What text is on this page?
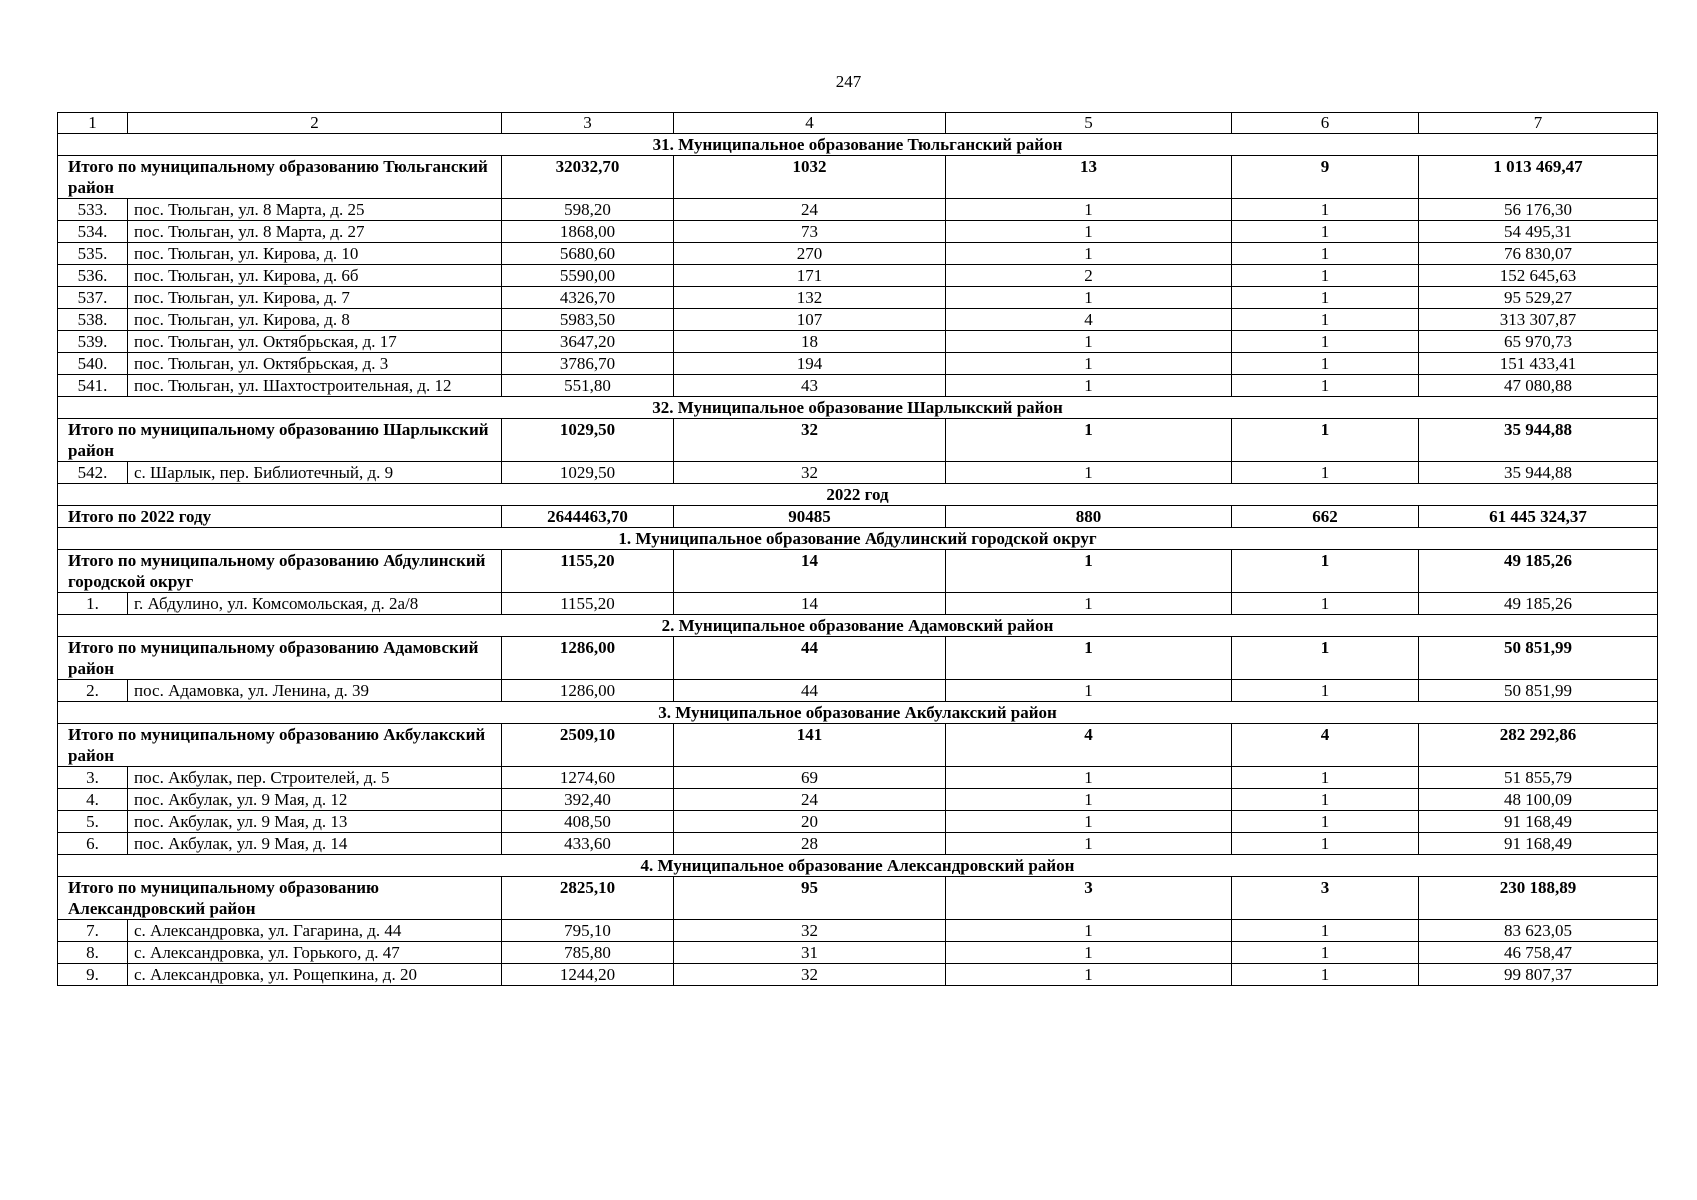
247
1	2	3	4	5	6	7
31. Муниципальное образование Тюльганский район						
Итого по муниципальному образованию Тюльганский район		32032,70	1032	13	9	1 013 469,47
533.	пос. Тюльган, ул. 8 Марта, д. 25	598,20	24	1	1	56 176,30
534.	пос. Тюльган, ул. 8 Марта, д. 27	1868,00	73	1	1	54 495,31
535.	пос. Тюльган, ул. Кирова, д. 10	5680,60	270	1	1	76 830,07
536.	пос. Тюльган, ул. Кирова, д. 6б	5590,00	171	2	1	152 645,63
537.	пос. Тюльган, ул. Кирова, д. 7	4326,70	132	1	1	95 529,27
538.	пос. Тюльган, ул. Кирова, д. 8	5983,50	107	4	1	313 307,87
539.	пос. Тюльган, ул. Октябрьская, д. 17	3647,20	18	1	1	65 970,73
540.	пос. Тюльган, ул. Октябрьская, д. 3	3786,70	194	1	1	151 433,41
541.	пос. Тюльган, ул. Шахтостроительная, д. 12	551,80	43	1	1	47 080,88
32. Муниципальное образование Шарлыкский район						
Итого по муниципальному образованию Шарлыкский район		1029,50	32	1	1	35 944,88
542.	с. Шарлык, пер. Библиотечный, д. 9	1029,50	32	1	1	35 944,88
2022 год						
Итого по 2022 году		2644463,70	90485	880	662	61 445 324,37
1. Муниципальное образование Абдулинский городской округ						
Итого по муниципальному образованию Абдулинский городской округ		1155,20	14	1	1	49 185,26
1.	г. Абдулино, ул. Комсомольская, д. 2а/8	1155,20	14	1	1	49 185,26
2. Муниципальное образование Адамовский район						
Итого по муниципальному образованию Адамовский район		1286,00	44	1	1	50 851,99
2.	пос. Адамовка, ул. Ленина, д. 39	1286,00	44	1	1	50 851,99
3. Муниципальное образование Акбулакский район						
Итого по муниципальному образованию Акбулакский район		2509,10	141	4	4	282 292,86
3.	пос. Акбулак, пер. Строителей, д. 5	1274,60	69	1	1	51 855,79
4.	пос. Акбулак, ул. 9 Мая, д. 12	392,40	24	1	1	48 100,09
5.	пос. Акбулак, ул. 9 Мая, д. 13	408,50	20	1	1	91 168,49
6.	пос. Акбулак, ул. 9 Мая, д. 14	433,60	28	1	1	91 168,49
4. Муниципальное образование Александровский район						
Итого по муниципальному образованию Александровский район		2825,10	95	3	3	230 188,89
7.	с. Александровка, ул. Гагарина, д. 44	795,10	32	1	1	83 623,05
8.	с. Александровка, ул. Горького, д. 47	785,80	31	1	1	46 758,47
9.	с. Александровка, ул. Рощепкина, д. 20	1244,20	32	1	1	99 807,37
